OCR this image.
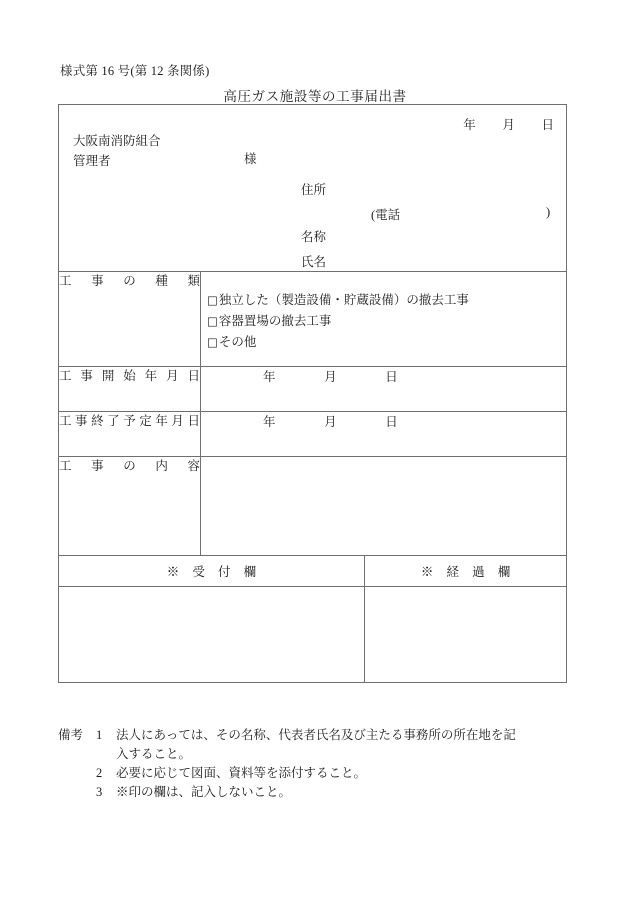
様式第 16 号(第 12 条関係)
高圧ガス施設等の工事届出書
年 月 日
大阪南消防組合
管理者	様
住所
(電話	)
名称
氏名

工事の種類	□独立した（製造設備・貯蔵設備）の撤去工事
□容器置場の撤去工事
□その他	

工事開始年月日	年 月 日	

工事終了予定年月日	年 月 日	

工事の内容		

※ 受 付 欄		※ 経 過 欄

備考	1	法人にあっては、その名称、代表者氏名及び主たる事務所の所在地を記
入すること。
2	必要に応じて図面、資料等を添付すること。
3	※印の欄は、記入しないこと。
